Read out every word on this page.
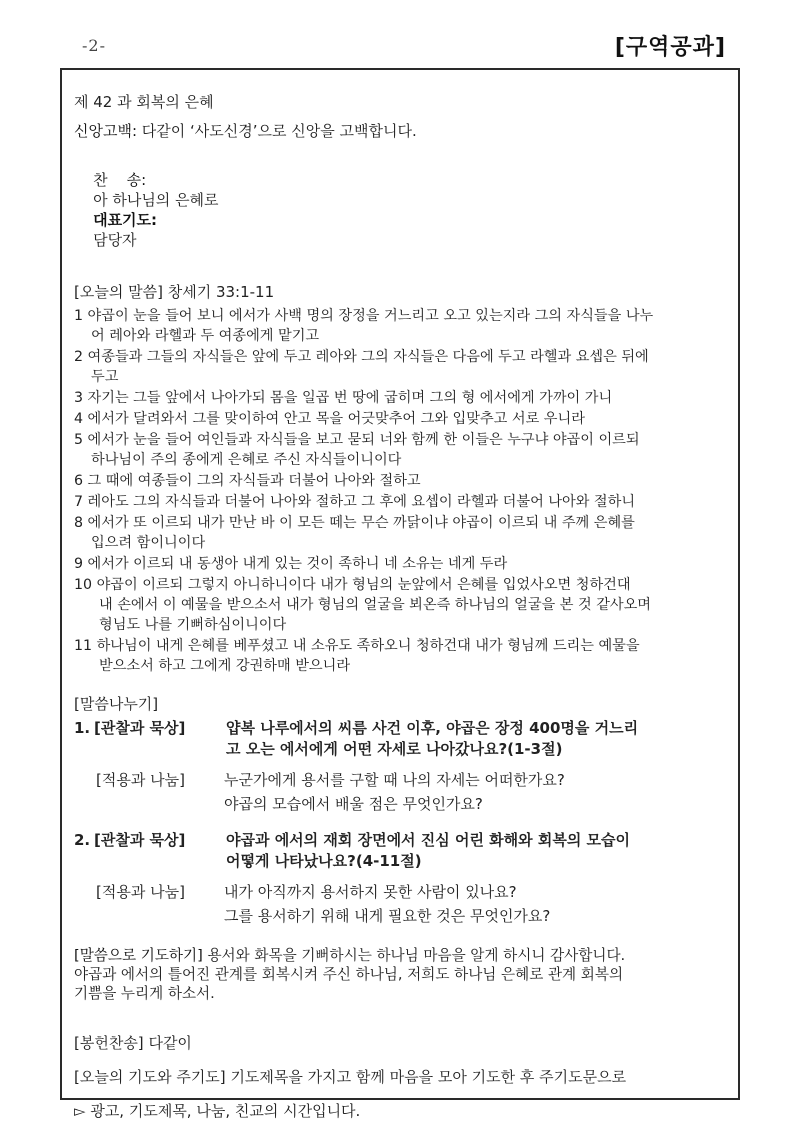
-2-	[구역공과]

제 42 과 회복의 은혜

신앙고백: 다같이 ‘사도신경’으로 신앙을 고백합니다.

찬    송:
아 하나님의 은혜로
대표기도:
담당자

[오늘의 말씀] 창세기 33:1-11

1 야곱이 눈을 들어 보니 에서가 사백 명의 장정을 거느리고 오고 있는지라 그의 자식들을 나누
어 레아와 라헬과 두 여종에게 맡기고

2 여종들과 그들의 자식들은 앞에 두고 레아와 그의 자식들은 다음에 두고 라헬과 요셉은 뒤에
두고

3 자기는 그들 앞에서 나아가되 몸을 일곱 번 땅에 굽히며 그의 형 에서에게 가까이 가니

4 에서가 달려와서 그를 맞이하여 안고 목을 어긋맞추어 그와 입맞추고 서로 우니라

5 에서가 눈을 들어 여인들과 자식들을 보고 묻되 너와 함께 한 이들은 누구냐 야곱이 이르되
하나님이 주의 종에게 은혜로 주신 자식들이니이다

6 그 때에 여종들이 그의 자식들과 더불어 나아와 절하고

7 레아도 그의 자식들과 더불어 나아와 절하고 그 후에 요셉이 라헬과 더불어 나아와 절하니

8 에서가 또 이르되 내가 만난 바 이 모든 떼는 무슨 까닭이냐 야곱이 이르되 내 주께 은혜를
입으려 함이니이다

9 에서가 이르되 내 동생아 내게 있는 것이 족하니 네 소유는 네게 두라

10 야곱이 이르되 그렇지 아니하니이다 내가 형님의 눈앞에서 은혜를 입었사오면 청하건대
내 손에서 이 예물을 받으소서 내가 형님의 얼굴을 뵈온즉 하나님의 얼굴을 본 것 같사오며
형님도 나를 기뻐하심이니이다

11 하나님이 내게 은혜를 베푸셨고 내 소유도 족하오니 청하건대 내가 형님께 드리는 예물을
받으소서 하고 그에게 강권하매 받으니라

[말씀나누기]

1. [관찰과 묵상]	얍복 나루에서의 씨름 사건 이후, 야곱은 장정 400명을 거느리
고 오는 에서에게 어떤 자세로 나아갔나요?(1-3절)
[적용과 나눔]	누군가에게 용서를 구할 때 나의 자세는 어떠한가요?
야곱의 모습에서 배울 점은 무엇인가요?
2. [관찰과 묵상]	야곱과 에서의 재회 장면에서 진심 어린 화해와 회복의 모습이
어떻게 나타났나요?(4-11절)
[적용과 나눔]	내가 아직까지 용서하지 못한 사람이 있나요?
그를 용서하기 위해 내게 필요한 것은 무엇인가요?

[말씀으로 기도하기] 용서와 화목을 기뻐하시는 하나님 마음을 알게 하시니 감사합니다.

야곱과 에서의 틀어진 관계를 회복시켜 주신 하나님, 저희도 하나님 은혜로 관계 회복의

기쁨을 누리게 하소서.

[봉헌찬송] 다같이

[오늘의 기도와 주기도] 기도제목을 가지고 함께 마음을 모아 기도한 후 주기도문으로

▻ 광고, 기도제목, 나눔, 친교의 시간입니다.
